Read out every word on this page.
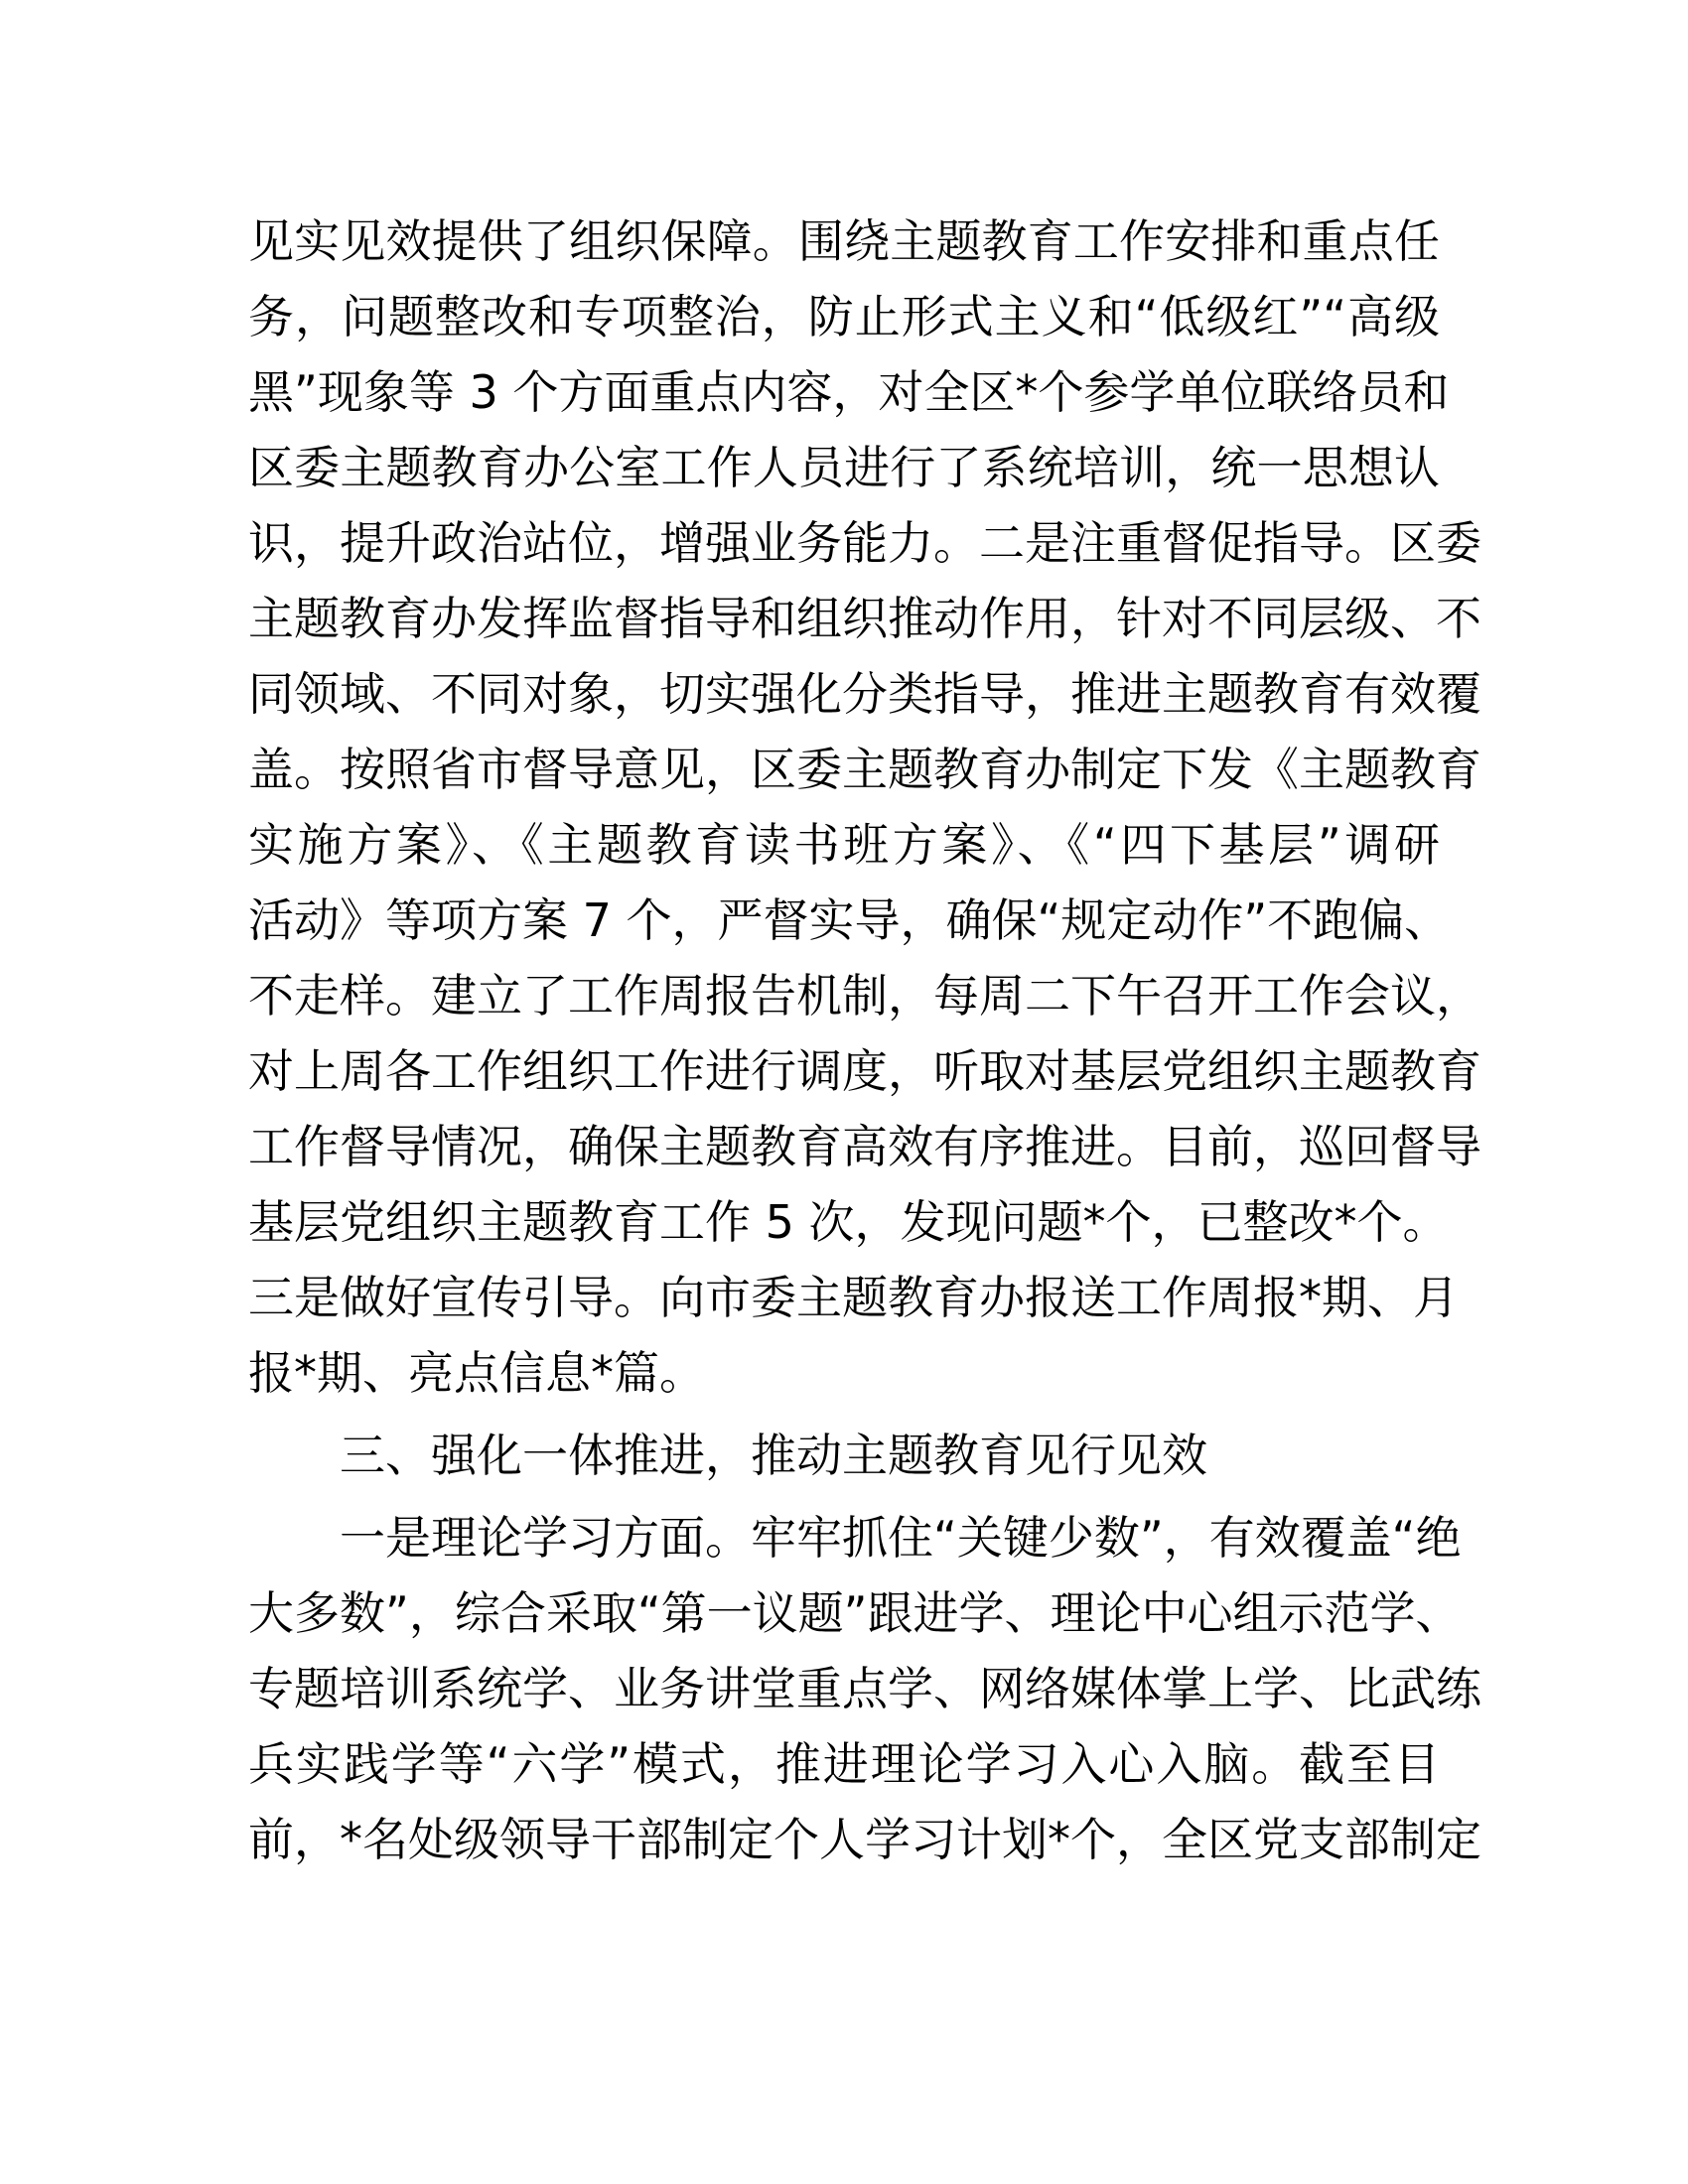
见实见效提供了组织保障。围绕主题教育工作安排和重点任
务，问题整改和专项整治，防止形式主义和“低级红”“高级
黑”现象等 3 个方面重点内容，对全区*个参学单位联络员和
区委主题教育办公室工作人员进行了系统培训，统一思想认
识，提升政治站位，增强业务能力。二是注重督促指导。区委
主题教育办发挥监督指导和组织推动作用，针对不同层级、不
同领域、不同对象，切实强化分类指导，推进主题教育有效覆
盖。按照省市督导意见，区委主题教育办制定下发《主题教育
实施方案》、《主题教育读书班方案》、《“四下基层”调研
活动》等项方案 7 个，严督实导，确保“规定动作”不跑偏、
不走样。建立了工作周报告机制，每周二下午召开工作会议，
对上周各工作组织工作进行调度，听取对基层党组织主题教育
工作督导情况，确保主题教育高效有序推进。目前，巡回督导
基层党组织主题教育工作 5 次，发现问题*个，已整改*个。
三是做好宣传引导。向市委主题教育办报送工作周报*期、月
报*期、亮点信息*篇。
三、强化一体推进，推动主题教育见行见效
一是理论学习方面。牢牢抓住“关键少数”，有效覆盖“绝
大多数”，综合采取“第一议题”跟进学、理论中心组示范学、
专题培训系统学、业务讲堂重点学、网络媒体掌上学、比武练
兵实践学等“六学”模式，推进理论学习入心入脑。截至目
前，*名处级领导干部制定个人学习计划*个，全区党支部制定
